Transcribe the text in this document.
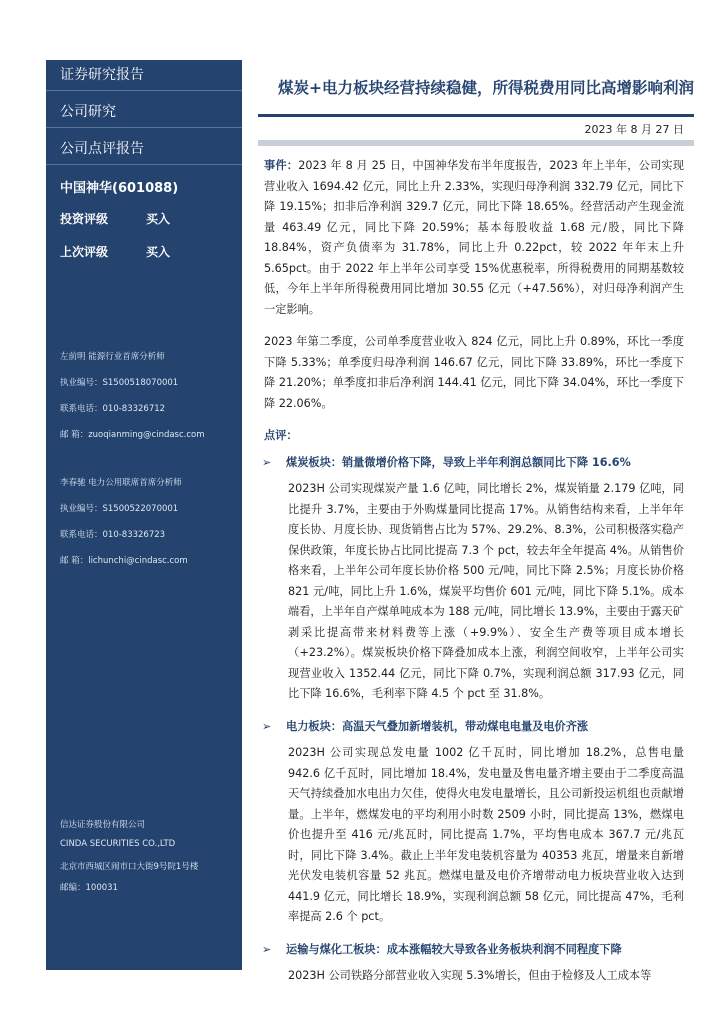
证券研究报告
公司研究
公司点评报告
中国神华(601088)
投资评级	买入
上次评级	买入
左前明 能源行业首席分析师
执业编号：S1500518070001
联系电话：010-83326712
邮 箱：zuoqianming@cindasc.com
李春驰 电力公用联席首席分析师
执业编号：S1500522070001
联系电话：010-83326723
邮 箱：lichunchi@cindasc.com
信达证券股份有限公司
CINDA SECURITIES CO.,LTD
北京市西城区闹市口大街9号院1号楼
邮编：100031
煤炭+电力板块经营持续稳健，所得税费用同比高增影响利润
2023 年 8 月 27 日

事件：2023 年 8 月 25 日，中国神华发布半年度报告，2023 年上半年，公司实现营业收入 1694.42 亿元，同比上升 2.33%，实现归母净利润 332.79 亿元，同比下降 19.15%；扣非后净利润 329.7 亿元，同比下降 18.65%。经营活动产生现金流量 463.49 亿元，同比下降 20.59%；基本每股收益 1.68 元/股，同比下降 18.84%，资产负债率为 31.78%，同比上升 0.22pct，较 2022 年年末上升 5.65pct。由于 2022 年上半年公司享受 15%优惠税率，所得税费用的同期基数较低，今年上半年所得税费用同比增加 30.55 亿元（+47.56%），对归母净利润产生一定影响。

2023 年第二季度，公司单季度营业收入 824 亿元，同比上升 0.89%，环比一季度下降 5.33%；单季度归母净利润 146.67 亿元，同比下降 33.89%，环比一季度下降 21.20%；单季度扣非后净利润 144.41 亿元，同比下降 34.04%，环比一季度下降 22.06%。

点评：
➢	煤炭板块：销量微增价格下降，导致上半年利润总额同比下降 16.6%

2023H 公司实现煤炭产量 1.6 亿吨，同比增长 2%，煤炭销量 2.179 亿吨，同比提升 3.7%，主要由于外购煤量同比提高 17%。从销售结构来看，上半年年度长协、月度长协、现货销售占比为 57%、29.2%、8.3%，公司积极落实稳产保供政策，年度长协占比同比提高 7.3 个 pct，较去年全年提高 4%。从销售价格来看，上半年公司年度长协价格 500 元/吨，同比下降 2.5%；月度长协价格 821 元/吨，同比上升 1.6%，煤炭平均售价 601 元/吨，同比下降 5.1%。成本端看，上半年自产煤单吨成本为 188 元/吨，同比增长 13.9%，主要由于露天矿剥采比提高带来材料费等上涨（+9.9%）、安全生产费等项目成本增长（+23.2%）。煤炭板块价格下降叠加成本上涨，利润空间收窄，上半年公司实现营业收入 1352.44 亿元，同比下降 0.7%，实现利润总额 317.93 亿元，同比下降 16.6%，毛利率下降 4.5 个 pct 至 31.8%。

➢	电力板块：高温天气叠加新增装机，带动煤电电量及电价齐涨

2023H 公司实现总发电量 1002 亿千瓦时，同比增加 18.2%，总售电量 942.6 亿千瓦时，同比增加 18.4%，发电量及售电量齐增主要由于二季度高温天气持续叠加水电出力欠佳，使得火电发电量增长，且公司新投运机组也贡献增量。上半年，燃煤发电的平均利用小时数 2509 小时，同比提高 13%，燃煤电价也提升至 416 元/兆瓦时，同比提高 1.7%，平均售电成本 367.7 元/兆瓦时，同比下降 3.4%。截止上半年发电装机容量为 40353 兆瓦，增量来自新增光伏发电装机容量 52 兆瓦。燃煤电量及电价齐增带动电力板块营业收入达到 441.9 亿元，同比增长 18.9%，实现利润总额 58 亿元，同比提高 47%，毛利率提高 2.6 个 pct。

➢	运输与煤化工板块：成本涨幅较大导致各业务板块利润不同程度下降

2023H 公司铁路分部营业收入实现 5.3%增长，但由于检修及人工成本等
